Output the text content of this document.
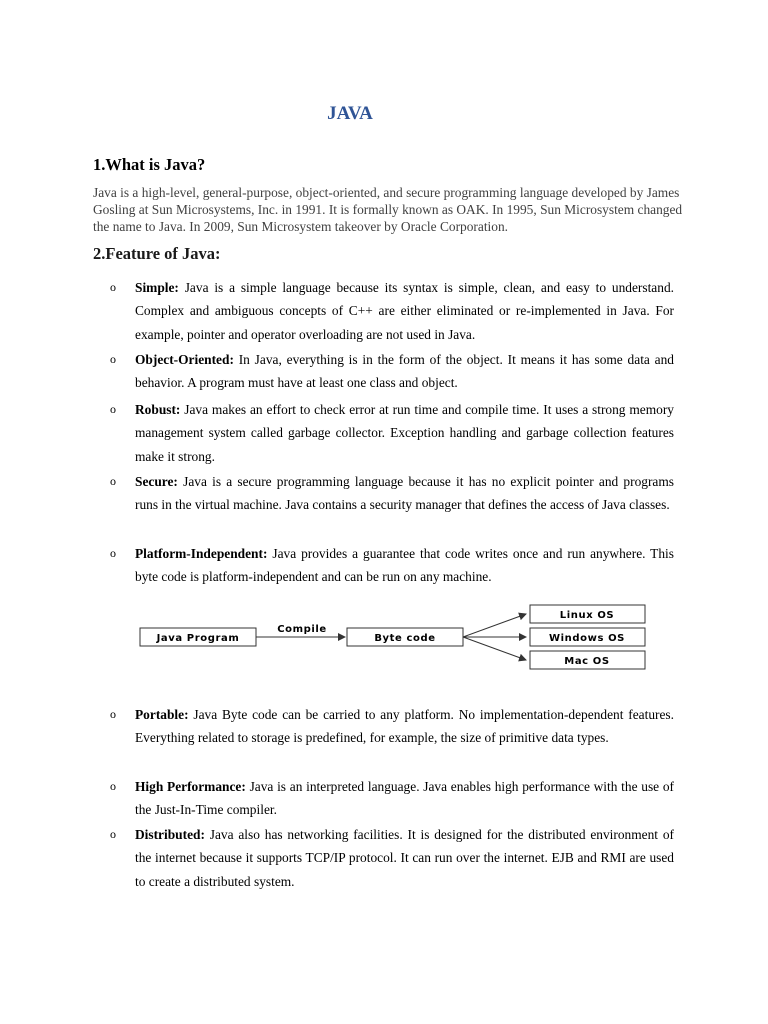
JAVA
1.What is Java?

Java is a high-level, general-purpose, object-oriented, and secure programming language developed by James Gosling at Sun Microsystems, Inc. in 1991. It is formally known as OAK. In 1995, Sun Microsystem changed the name to Java. In 2009, Sun Microsystem takeover by Oracle Corporation.

2.Feature of Java:
o Simple: Java is a simple language because its syntax is simple, clean, and easy to understand. Complex and ambiguous concepts of C++ are either eliminated or re-implemented in Java. For example, pointer and operator overloading are not used in Java.
o Object-Oriented: In Java, everything is in the form of the object. It means it has some data and behavior. A program must have at least one class and object.
o Robust: Java makes an effort to check error at run time and compile time. It uses a strong memory management system called garbage collector. Exception handling and garbage collection features make it strong.
o Secure: Java is a secure programming language because it has no explicit pointer and programs runs in the virtual machine. Java contains a security manager that defines the access of Java classes.
o Platform-Independent: Java provides a guarantee that code writes once and run anywhere. This byte code is platform-independent and can be run on any machine.
o Portable: Java Byte code can be carried to any platform. No implementation-dependent features. Everything related to storage is predefined, for example, the size of primitive data types.
o High Performance: Java is an interpreted language. Java enables high performance with the use of the Just-In-Time compiler.
o Distributed: Java also has networking facilities. It is designed for the distributed environment of the internet because it supports TCP/IP protocol. It can run over the internet. EJB and RMI are used to create a distributed system.
Java Program
Compile
Byte code
Linux OS
Windows OS
Mac OS
